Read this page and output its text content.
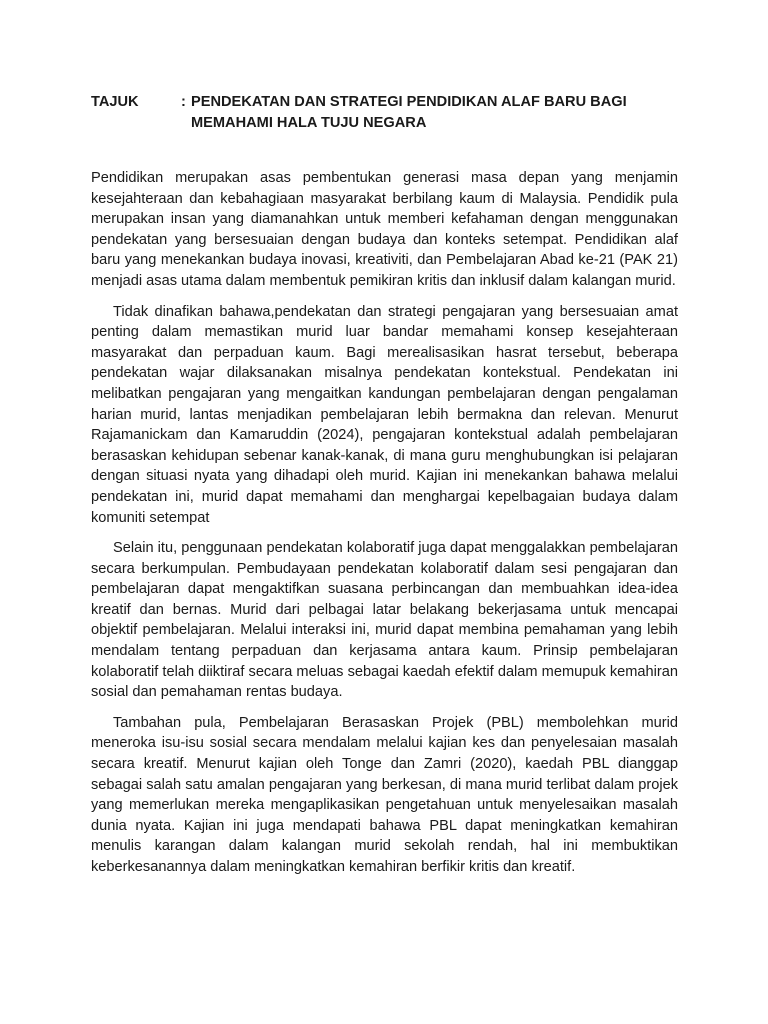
TAJUK	: PENDEKATAN DAN STRATEGI PENDIDIKAN ALAF BARU BAGI MEMAHAMI HALA TUJU NEGARA

Pendidikan merupakan asas pembentukan generasi masa depan yang menjamin kesejahteraan dan kebahagiaan masyarakat berbilang kaum di Malaysia. Pendidik pula merupakan insan yang diamanahkan untuk memberi kefahaman dengan menggunakan pendekatan yang bersesuaian dengan budaya dan konteks setempat. Pendidikan alaf baru yang menekankan budaya inovasi, kreativiti, dan Pembelajaran Abad ke-21 (PAK 21) menjadi asas utama dalam membentuk pemikiran kritis dan inklusif dalam kalangan murid.

Tidak dinafikan bahawa,pendekatan dan strategi pengajaran yang bersesuaian amat penting dalam memastikan murid luar bandar memahami konsep kesejahteraan masyarakat dan perpaduan kaum. Bagi merealisasikan hasrat tersebut, beberapa pendekatan wajar dilaksanakan misalnya pendekatan kontekstual. Pendekatan ini melibatkan pengajaran yang mengaitkan kandungan pembelajaran dengan pengalaman harian murid, lantas menjadikan pembelajaran lebih bermakna dan relevan. Menurut Rajamanickam dan Kamaruddin (2024), pengajaran kontekstual adalah pembelajaran berasaskan kehidupan sebenar kanak-kanak, di mana guru menghubungkan isi pelajaran dengan situasi nyata yang dihadapi oleh murid. Kajian ini menekankan bahawa melalui pendekatan ini, murid dapat memahami dan menghargai kepelbagaian budaya dalam komuniti setempat

Selain itu, penggunaan pendekatan kolaboratif juga dapat menggalakkan pembelajaran secara berkumpulan. Pembudayaan pendekatan kolaboratif dalam sesi pengajaran dan pembelajaran dapat mengaktifkan suasana perbincangan dan membuahkan idea-idea kreatif dan bernas. Murid dari pelbagai latar belakang bekerjasama untuk mencapai objektif pembelajaran. Melalui interaksi ini, murid dapat membina pemahaman yang lebih mendalam tentang perpaduan dan kerjasama antara kaum. Prinsip pembelajaran kolaboratif telah diiktiraf secara meluas sebagai kaedah efektif dalam memupuk kemahiran sosial dan pemahaman rentas budaya.

Tambahan pula, Pembelajaran Berasaskan Projek (PBL) membolehkan murid meneroka isu-isu sosial secara mendalam melalui kajian kes dan penyelesaian masalah secara kreatif. Menurut kajian oleh Tonge dan Zamri (2020), kaedah PBL dianggap sebagai salah satu amalan pengajaran yang berkesan, di mana murid terlibat dalam projek yang memerlukan mereka mengaplikasikan pengetahuan untuk menyelesaikan masalah dunia nyata. Kajian ini juga mendapati bahawa PBL dapat meningkatkan kemahiran menulis karangan dalam kalangan murid sekolah rendah, hal ini membuktikan keberkesanannya dalam meningkatkan kemahiran berfikir kritis dan kreatif.
